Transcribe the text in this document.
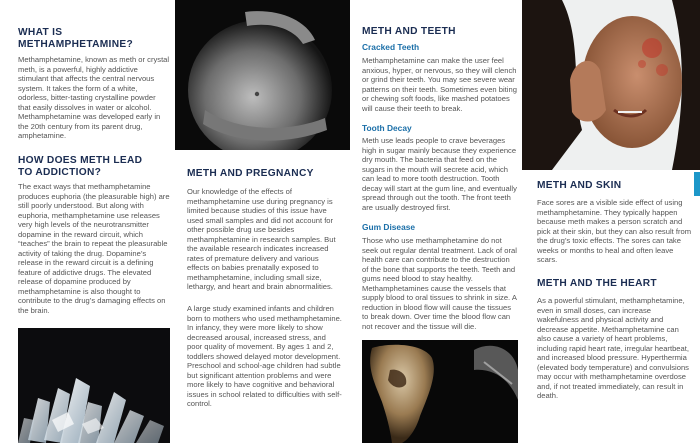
WHAT IS METHAMPHETAMINE?
Methamphetamine, known as meth or crystal meth, is a powerful, highly addictive stimulant that affects the central nervous system. It takes the form of a white, odorless, bitter-tasting crystalline powder that easily dissolves in water or alcohol. Methamphetamine was developed early in the 20th century from its parent drug, amphetamine.
HOW DOES METH LEAD TO ADDICTION?
The exact ways that methamphetamine produces euphoria (the pleasurable high) are still poorly understood. But along with euphoria, methamphetamine use releases very high levels of the neurotransmitter dopamine in the reward circuit, which “teaches” the brain to repeat the pleasurable activity of taking the drug. Dopamine’s release in the reward circuit is a defining feature of addictive drugs. The elevated release of dopamine produced by methamphetamine is also thought to contribute to the drug’s damaging effects on the brain.
METH AND PREGNANCY
Our knowledge of the effects of methamphetamine use during pregnancy is limited because studies of this issue have used small samples and did not account for other possible drug use besides methamphetamine in research samples. But the available research indicates increased rates of premature delivery and various effects on babies prenatally exposed to methamphetamine, including small size, lethargy, and heart and brain abnormalities.
A large study examined infants and children born to mothers who used methamphetamine. In infancy, they were more likely to show decreased arousal, increased stress, and poor quality of movement. By ages 1 and 2, toddlers showed delayed motor development. Preschool and school-age children had subtle but significant attention problems and were more likely to have cognitive and behavioral issues in school related to difficulties with self-control.
METH AND TEETH
Cracked Teeth
Methamphetamine can make the user feel anxious, hyper, or nervous, so they will clench or grind their teeth. You may see severe wear patterns on their teeth. Sometimes even biting or chewing soft foods, like mashed potatoes will cause their teeth to break.
Tooth Decay
Meth use leads people to crave beverages high in sugar mainly because they experience dry mouth. The bacteria that feed on the sugars in the mouth will secrete acid, which can lead to more tooth destruction. Tooth decay will start at the gum line, and eventually spread through out the tooth. The front teeth are usually destroyed first.
Gum Disease
Those who use methamphetamine do not seek out regular dental treatment. Lack of oral health care can contribute to the destruction of the bone that supports the teeth. Teeth and gums need blood to stay healthy. Methamphetamines cause the vessels that supply blood to oral tissues to shrink in size. A reduction in blood flow will cause the tissues to break down. Over time the blood flow can not recover and the tissue will die.
METH AND SKIN
Face sores are a visible side effect of using methamphetamine. They typically happen because meth makes a person scratch and pick at their skin, but they can also result from the drug’s toxic effects. The sores can take weeks or months to heal and often leave scars.
METH AND THE HEART
As a powerful stimulant, methamphetamine, even in small doses, can increase wakefulness and physical activity and decrease appetite. Methamphetamine can also cause a variety of heart problems, including rapid heart rate, irregular heartbeat, and increased blood pressure. Hyperthermia (elevated body temperature) and convulsions may occur with methamphetamine overdose and, if not treated immediately, can result in death.
